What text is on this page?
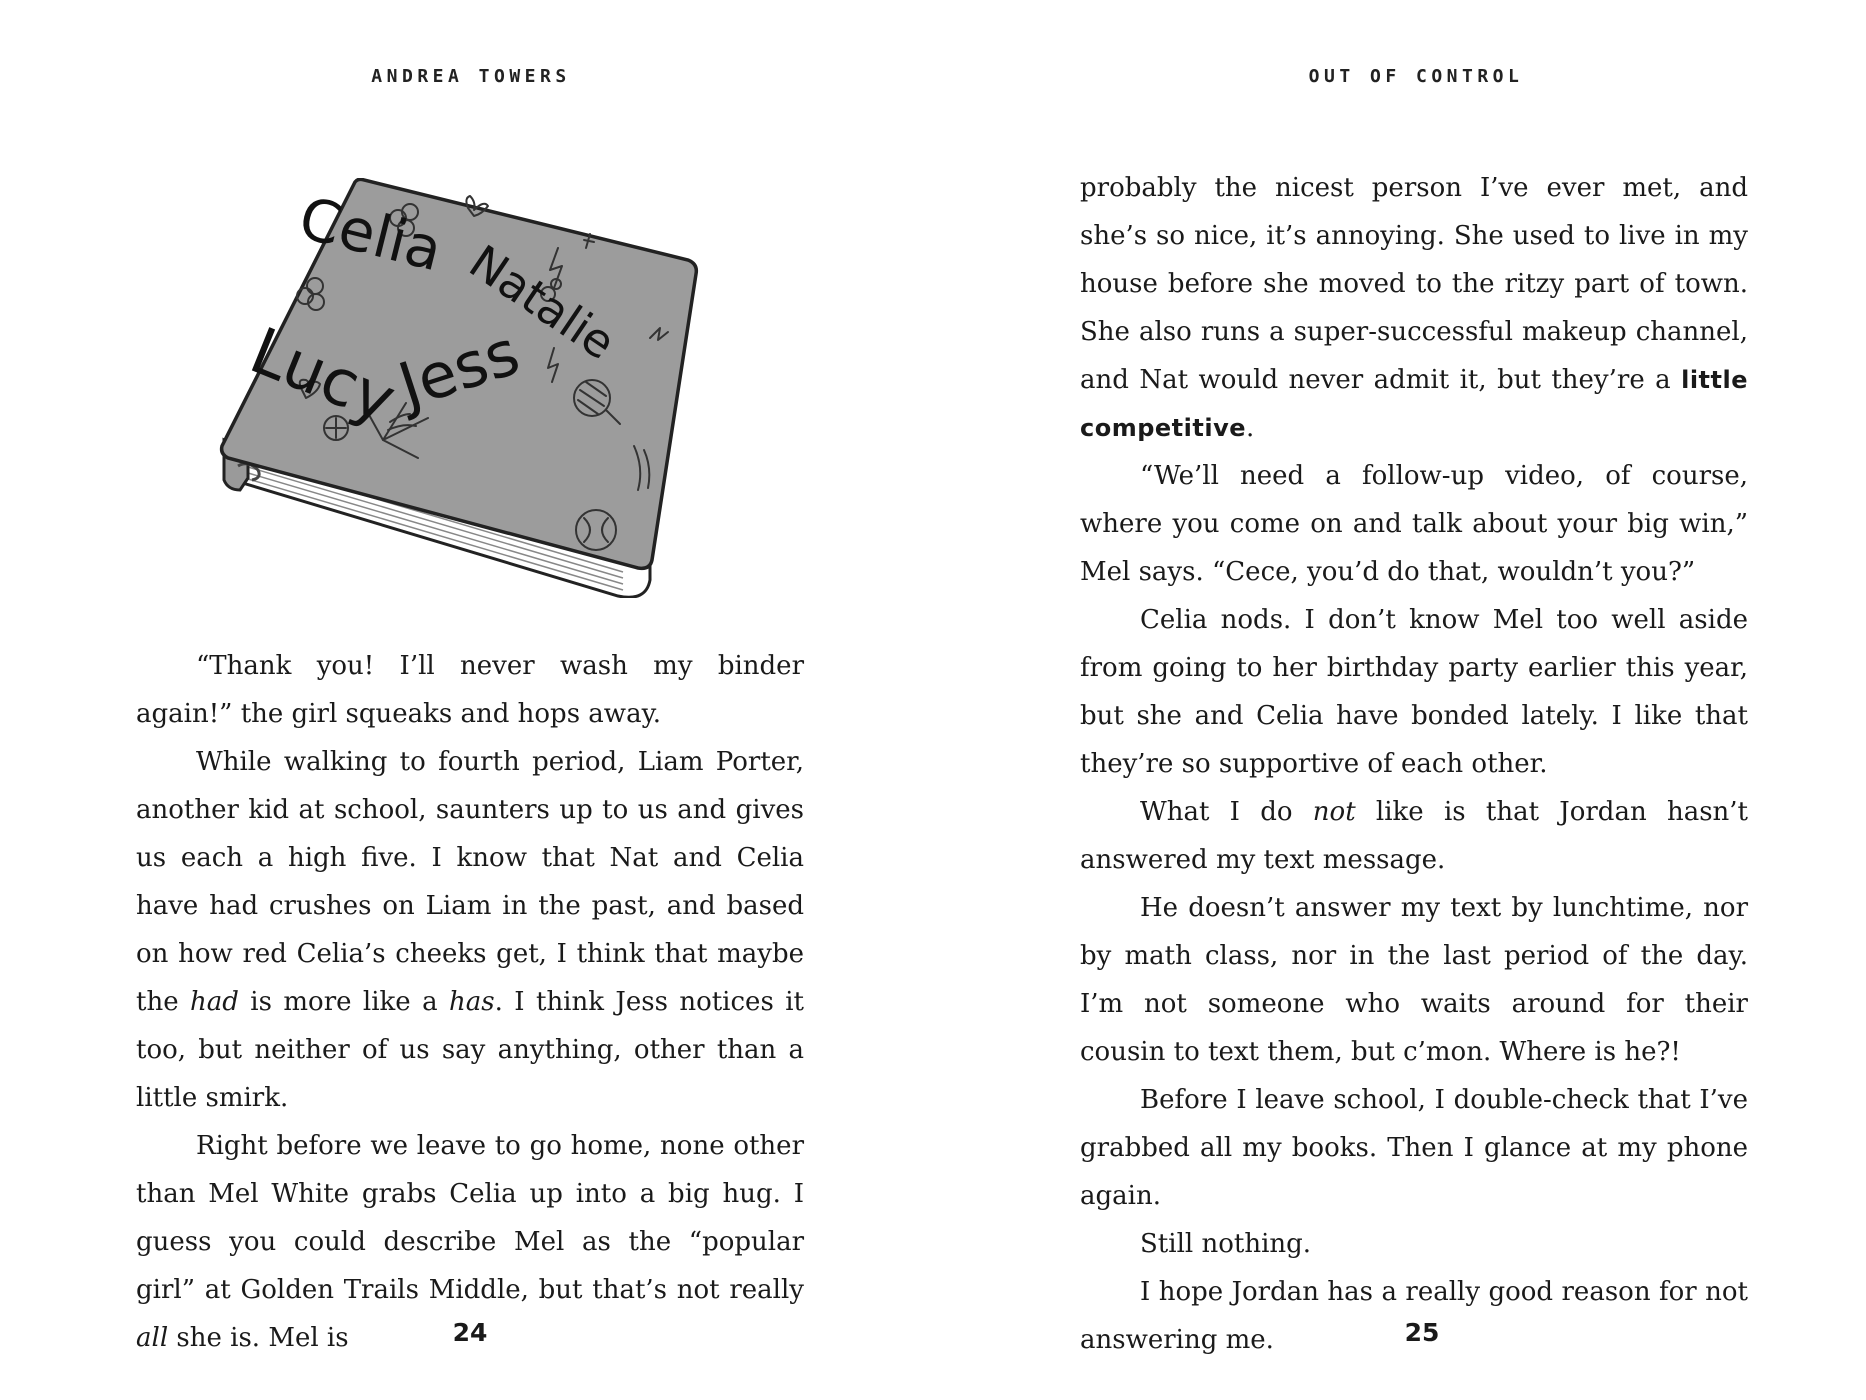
ANDREA TOWERS	OUT OF CONTROL
Celia
Natalie
Lucy
Jess

“Thank you! I’ll never wash my binder again!” the girl squeaks and hops away.

While walking to fourth period, Liam Porter, another kid at school, saunters up to us and gives us each a high five. I know that Nat and Celia have had crushes on Liam in the past, and based on how red Celia’s cheeks get, I think that maybe the had is more like a has. I think Jess notices it too, but neither of us say anything, other than a little smirk.

Right before we leave to go home, none other than Mel White grabs Celia up into a big hug. I guess you could describe Mel as the “popular girl” at Golden Trails Middle, but that’s not really all she is. Mel is

probably the nicest person I’ve ever met, and she’s so nice, it’s annoying. She used to live in my house before she moved to the ritzy part of town. She also runs a super-successful makeup channel, and Nat would never admit it, but they’re a little competitive.

“We’ll need a follow-up video, of course, where you come on and talk about your big win,” Mel says. “Cece, you’d do that, wouldn’t you?”

Celia nods. I don’t know Mel too well aside from going to her birthday party earlier this year, but she and Celia have bonded lately. I like that they’re so supportive of each other.

What I do not like is that Jordan hasn’t answered my text message.

He doesn’t answer my text by lunchtime, nor by math class, nor in the last period of the day. I’m not someone who waits around for their cousin to text them, but c’mon. Where is he?!

Before I leave school, I double-check that I’ve grabbed all my books. Then I glance at my phone again.

Still nothing.

I hope Jordan has a really good reason for not answering me.

24	25
